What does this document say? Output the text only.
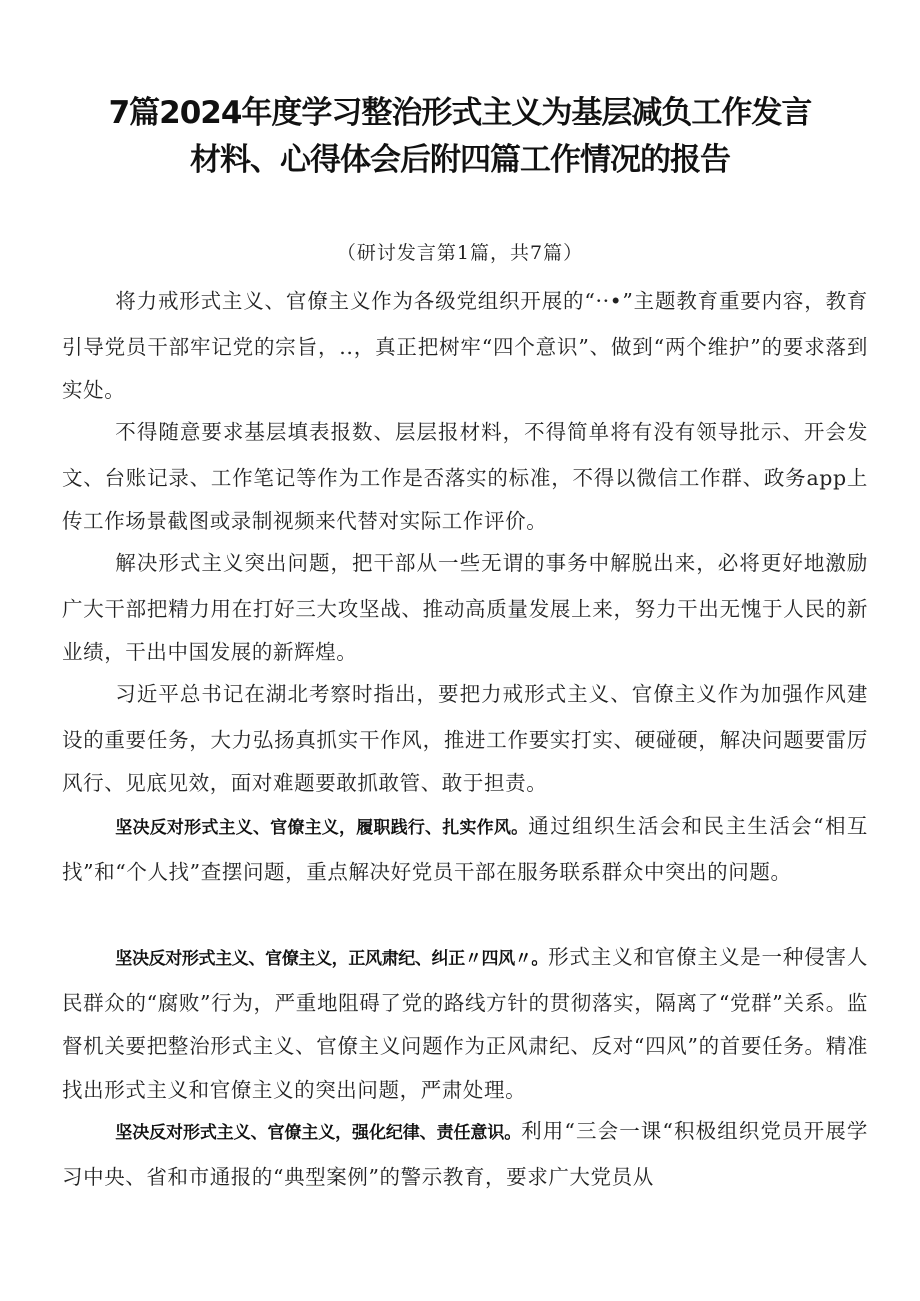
7篇2024年度学习整治形式主义为基层减负工作发言
材料、心得体会后附四篇工作情况的报告
（研讨发言第1篇，共7篇）
将力戒形式主义、官僚主义作为各级党组织开展的“··•”主题教育重要内容，教育引导党员干部牢记党的宗旨，..，真正把树牢“四个意识”、做到“两个维护”的要求落到实处。
不得随意要求基层填表报数、层层报材料，不得简单将有没有领导批示、开会发文、台账记录、工作笔记等作为工作是否落实的标准，不得以微信工作群、政务app上传工作场景截图或录制视频来代替对实际工作评价。
解决形式主义突出问题，把干部从一些无谓的事务中解脱出来，必将更好地激励广大干部把精力用在打好三大攻坚战、推动高质量发展上来，努力干出无愧于人民的新业绩，干出中国发展的新辉煌。
习近平总书记在湖北考察时指出，要把力戒形式主义、官僚主义作为加强作风建设的重要任务，大力弘扬真抓实干作风，推进工作要实打实、硬碰硬，解决问题要雷厉风行、见底见效，面对难题要敢抓敢管、敢于担责。
坚决反对形式主义、官僚主义，履职践行、扎实作风。通过组织生活会和民主生活会“相互找”和“个人找”查摆问题，重点解决好党员干部在服务联系群众中突出的问题。
坚决反对形式主义、官僚主义，正风肃纪、纠正〃四风〃。形式主义和官僚主义是一种侵害人民群众的“腐败”行为，严重地阻碍了党的路线方针的贯彻落实，隔离了“党群”关系。监督机关要把整治形式主义、官僚主义问题作为正风肃纪、反对“四风”的首要任务。精准找出形式主义和官僚主义的突出问题，严肃处理。
坚决反对形式主义、官僚主义，强化纪律、责任意识。利用“三会一课“积极组织党员开展学习中央、省和市通报的“典型案例”的警示教育，要求广大党员从
